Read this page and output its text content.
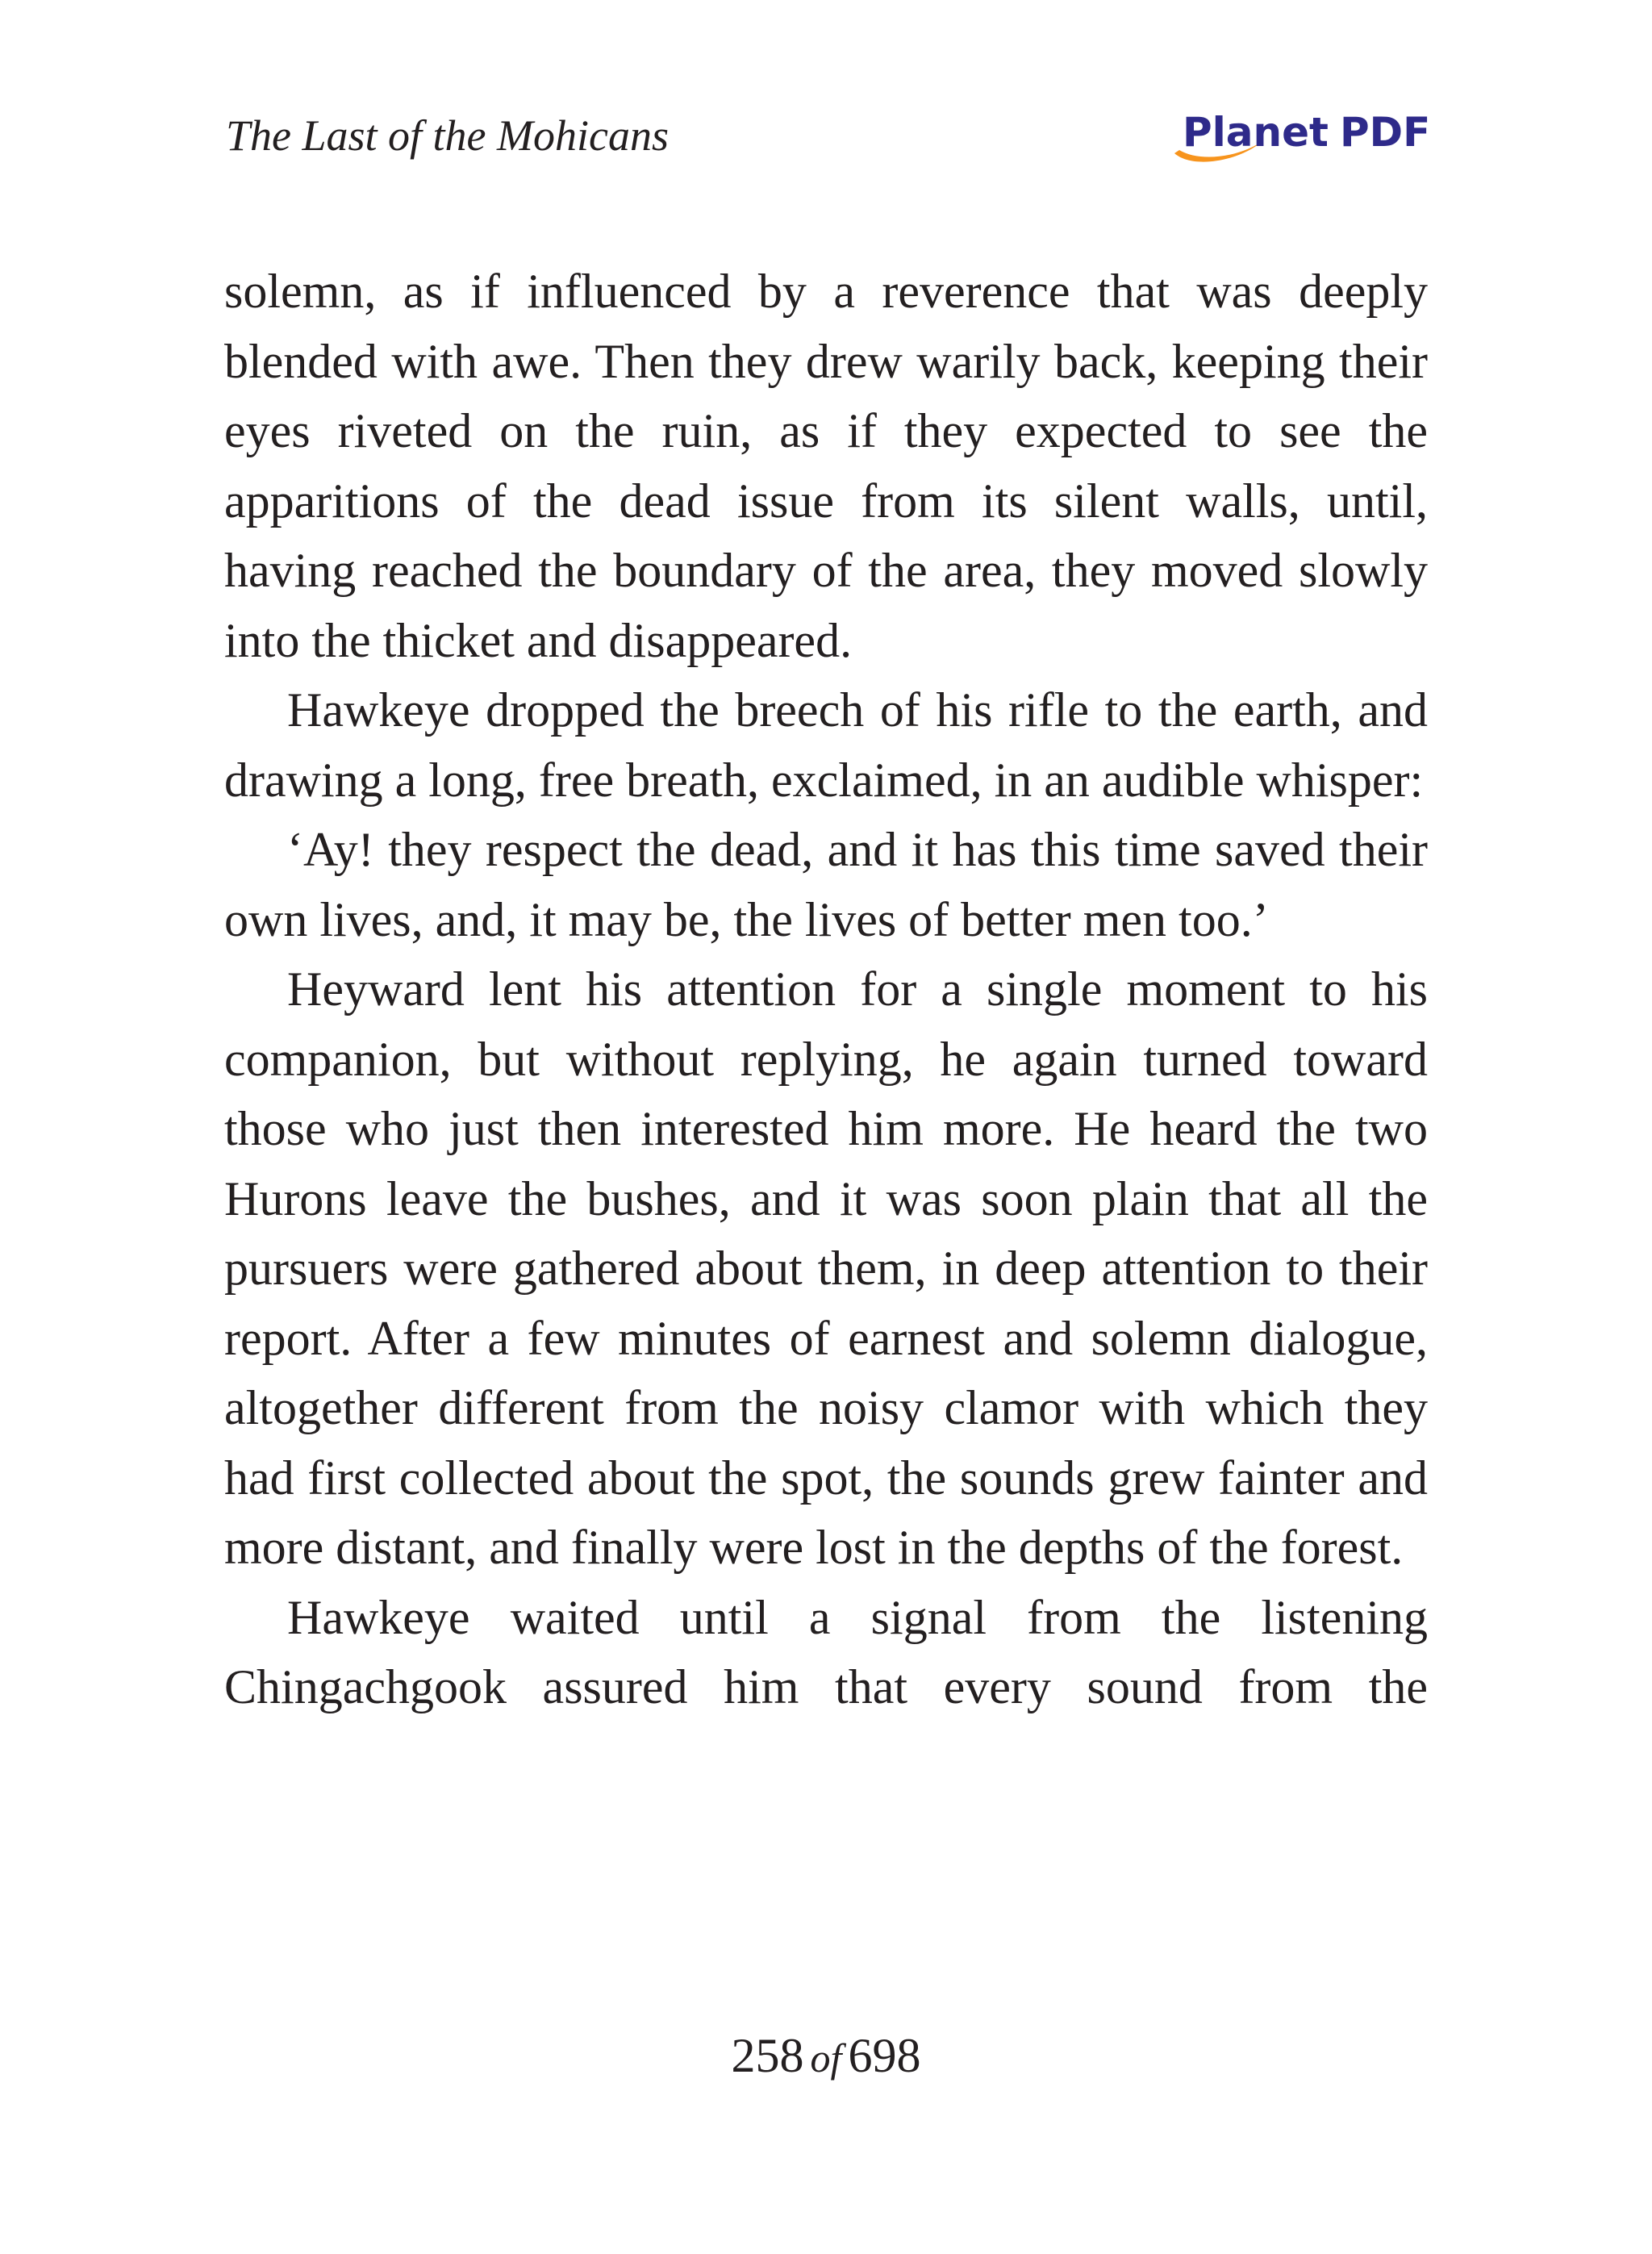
The Last of the Mohicans	Planet PDF

solemn, as if influenced by a reverence that was deeply blended with awe. Then they drew warily back, keeping their eyes riveted on the ruin, as if they expected to see the apparitions of the dead issue from its silent walls, until, having reached the boundary of the area, they moved slowly into the thicket and disappeared.

Hawkeye dropped the breech of his rifle to the earth, and drawing a long, free breath, exclaimed, in an audible whisper:

‘Ay! they respect the dead, and it has this time saved their own lives, and, it may be, the lives of better men too.’

Heyward lent his attention for a single moment to his companion, but without replying, he again turned toward those who just then interested him more. He heard the two Hurons leave the bushes, and it was soon plain that all the pursuers were gathered about them, in deep attention to their report. After a few minutes of earnest and solemn dialogue, altogether different from the noisy clamor with which they had first collected about the spot, the sounds grew fainter and more distant, and finally were lost in the depths of the forest.

Hawkeye waited until a signal from the listening Chingachgook assured him that every sound from the

258 of 698
